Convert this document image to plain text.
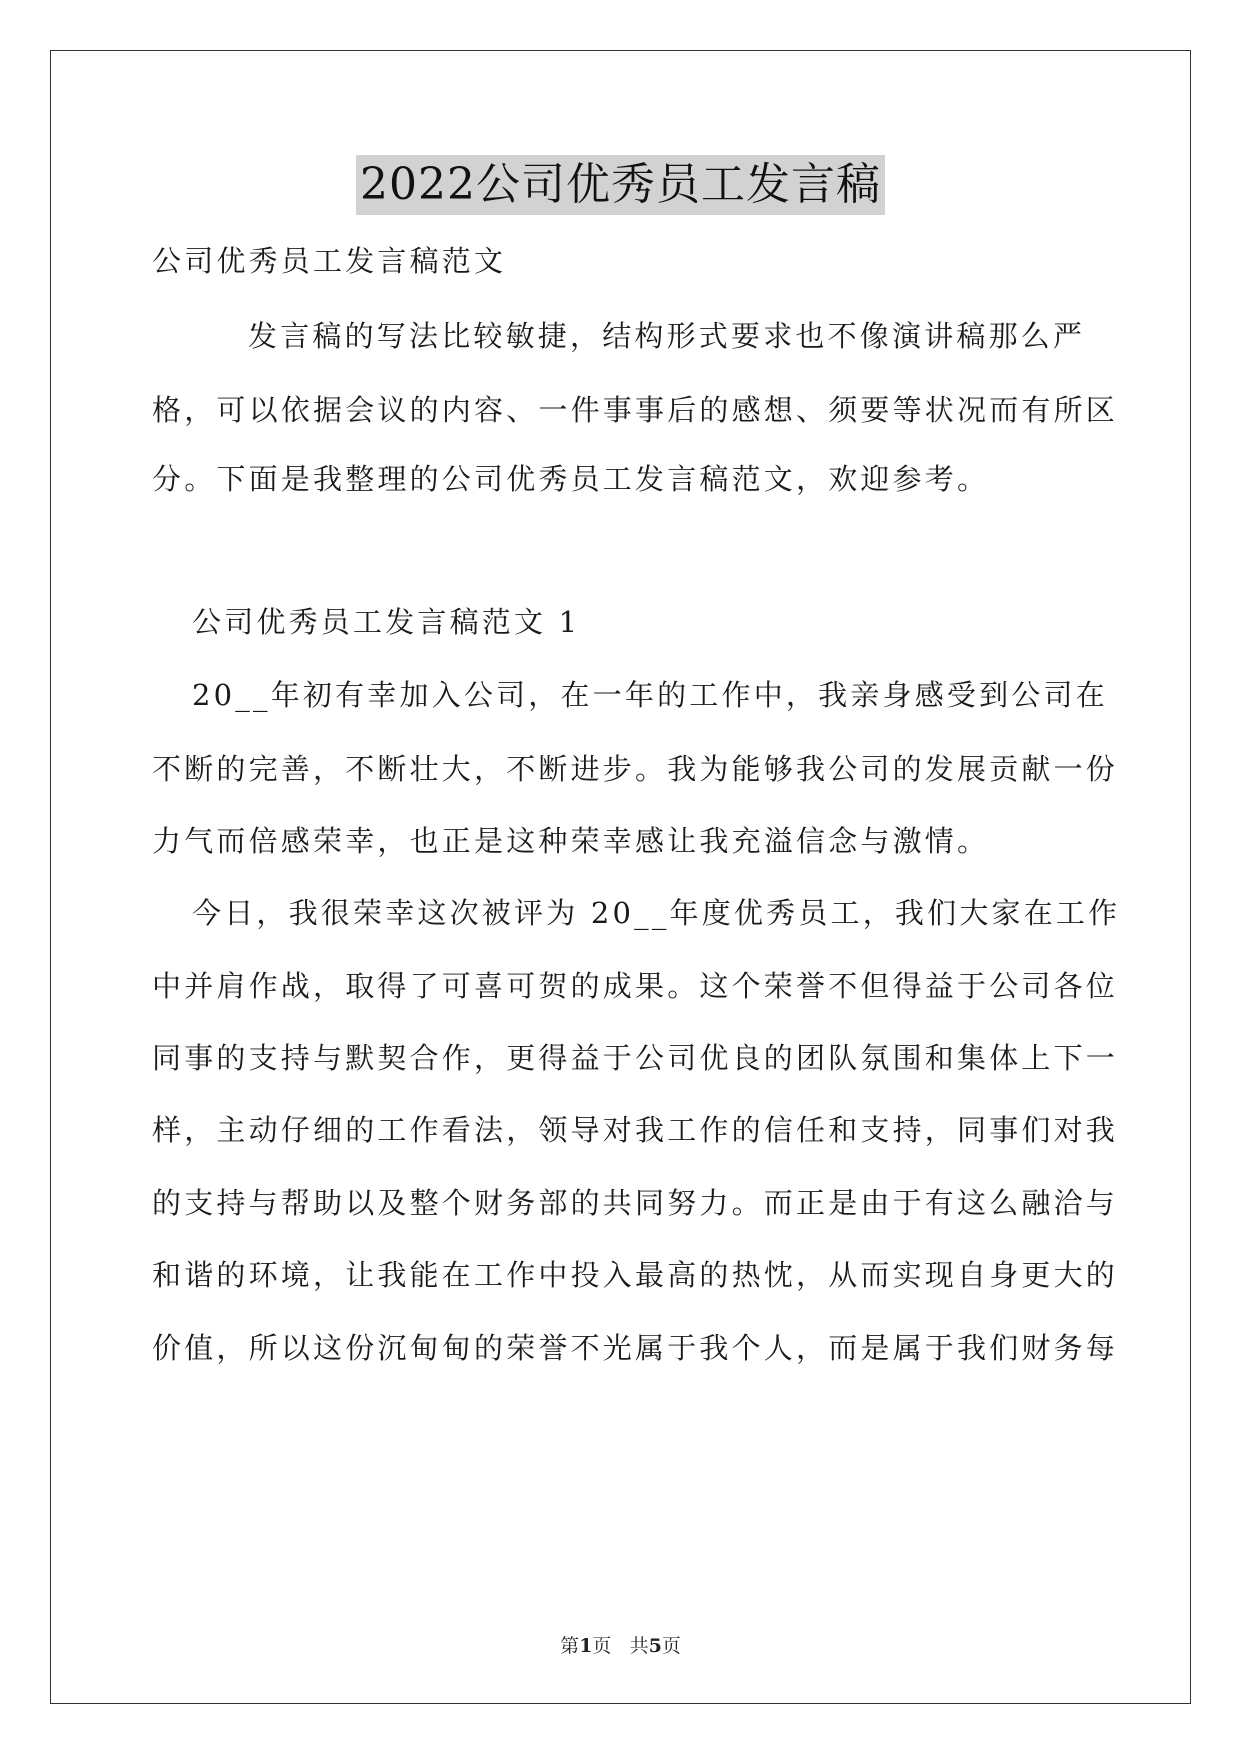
2022公司优秀员工发言稿
公司优秀员工发言稿范文
发言稿的写法比较敏捷，结构形式要求也不像演讲稿那么严
格，可以依据会议的内容、一件事事后的感想、须要等状况而有所区
分。下面是我整理的公司优秀员工发言稿范文，欢迎参考。
公司优秀员工发言稿范文 1
20__年初有幸加入公司，在一年的工作中，我亲身感受到公司在
不断的完善，不断壮大，不断进步。我为能够我公司的发展贡献一份
力气而倍感荣幸，也正是这种荣幸感让我充溢信念与激情。
今日，我很荣幸这次被评为 20__年度优秀员工，我们大家在工作
中并肩作战，取得了可喜可贺的成果。这个荣誉不但得益于公司各位
同事的支持与默契合作，更得益于公司优良的团队氛围和集体上下一
样，主动仔细的工作看法，领导对我工作的信任和支持，同事们对我
的支持与帮助以及整个财务部的共同努力。而正是由于有这么融洽与
和谐的环境，让我能在工作中投入最高的热忱，从而实现自身更大的
价值，所以这份沉甸甸的荣誉不光属于我个人，而是属于我们财务每
第1页 共5页
